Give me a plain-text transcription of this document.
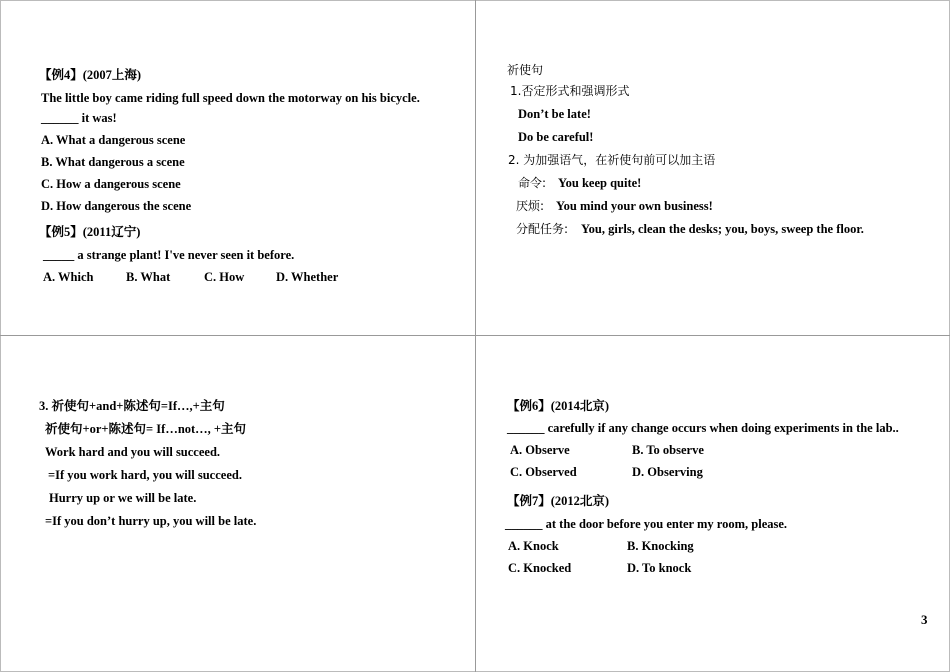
【例4】(2007上海)
The little boy came riding full speed down the motorway on his bicycle.
______ it was!
A. What a dangerous scene
B. What dangerous a scene
C. How a dangerous scene
D. How dangerous the scene
【例5】(2011辽宁)
_____ a strange plant! I've never seen it before.
A. Which	B. What	C. How	D. Whether
祈使句
1.否定形式和强调形式
Don’t be late!
Do be careful!
2. 为加强语气，在祈使句前可以加主语
命令: You keep quite!
厌烦: You mind your own business!
分配任务: You, girls, clean the desks; you, boys, sweep the floor.
3. 祈使句+and+陈述句=If…,+主句
祈使句+or+陈述句= If…not…, +主句
Work hard and you will succeed.
=If you work hard, you will succeed.
Hurry up or we will be late.
=If you don’t hurry up, you will be late.
【例6】(2014北京)
______ carefully if any change occurs when doing experiments in the lab..
A. Observe	B. To observe
C. Observed	D. Observing
【例7】(2012北京)
______ at the door before you enter my room, please.
A. Knock	B. Knocking
C. Knocked	D. To knock
3
